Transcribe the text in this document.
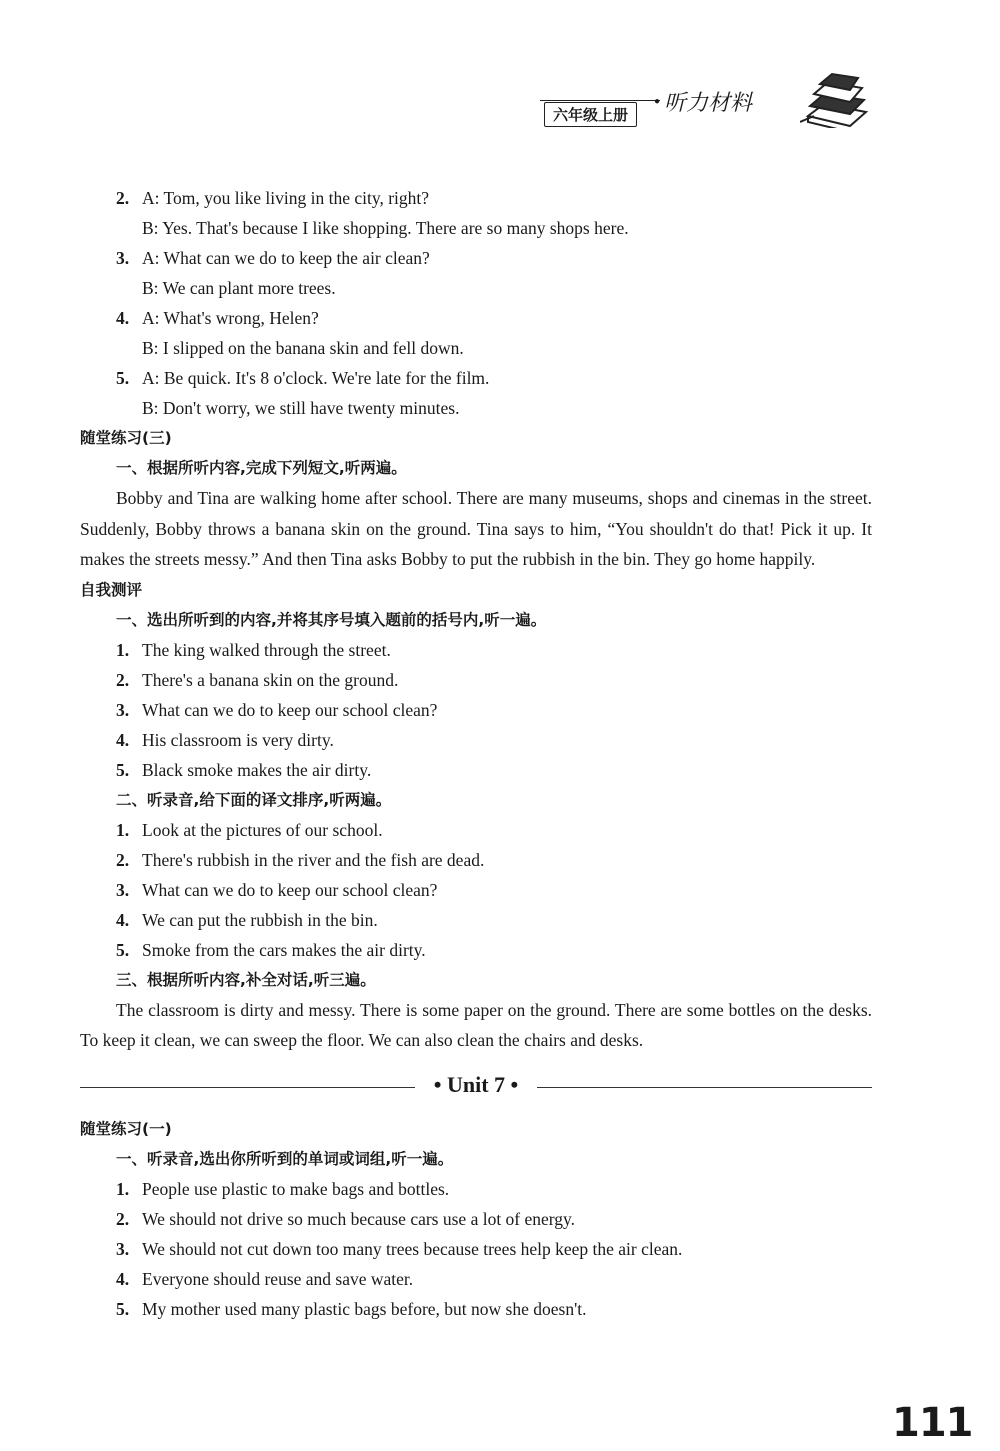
●
六年级上册	听力材料
2. A: Tom, you like living in the city, right?
B: Yes. That's because I like shopping. There are so many shops here.
3. A: What can we do to keep the air clean?
B: We can plant more trees.
4. A: What's wrong, Helen?
B: I slipped on the banana skin and fell down.
5. A: Be quick. It's 8 o'clock. We're late for the film.
B: Don't worry, we still have twenty minutes.
随堂练习(三)
一、根据所听内容,完成下列短文,听两遍。
Bobby and Tina are walking home after school. There are many museums, shops and cinemas in the street. Suddenly, Bobby throws a banana skin on the ground. Tina says to him, “You shouldn't do that! Pick it up. It makes the streets messy.” And then Tina asks Bobby to put the rubbish in the bin. They go home happily.
自我测评
一、选出所听到的内容,并将其序号填入题前的括号内,听一遍。
1. The king walked through the street.
2. There's a banana skin on the ground.
3. What can we do to keep our school clean?
4. His classroom is very dirty.
5. Black smoke makes the air dirty.
二、听录音,给下面的译文排序,听两遍。
1. Look at the pictures of our school.
2. There's rubbish in the river and the fish are dead.
3. What can we do to keep our school clean?
4. We can put the rubbish in the bin.
5. Smoke from the cars makes the air dirty.
三、根据所听内容,补全对话,听三遍。
The classroom is dirty and messy. There is some paper on the ground. There are some bottles on the desks. To keep it clean, we can sweep the floor. We can also clean the chairs and desks.
• Unit 7 •
随堂练习(一)
一、听录音,选出你所听到的单词或词组,听一遍。
1. People use plastic to make bags and bottles.
2. We should not drive so much because cars use a lot of energy.
3. We should not cut down too many trees because trees help keep the air clean.
4. Everyone should reuse and save water.
5. My mother used many plastic bags before, but now she doesn't.
111
